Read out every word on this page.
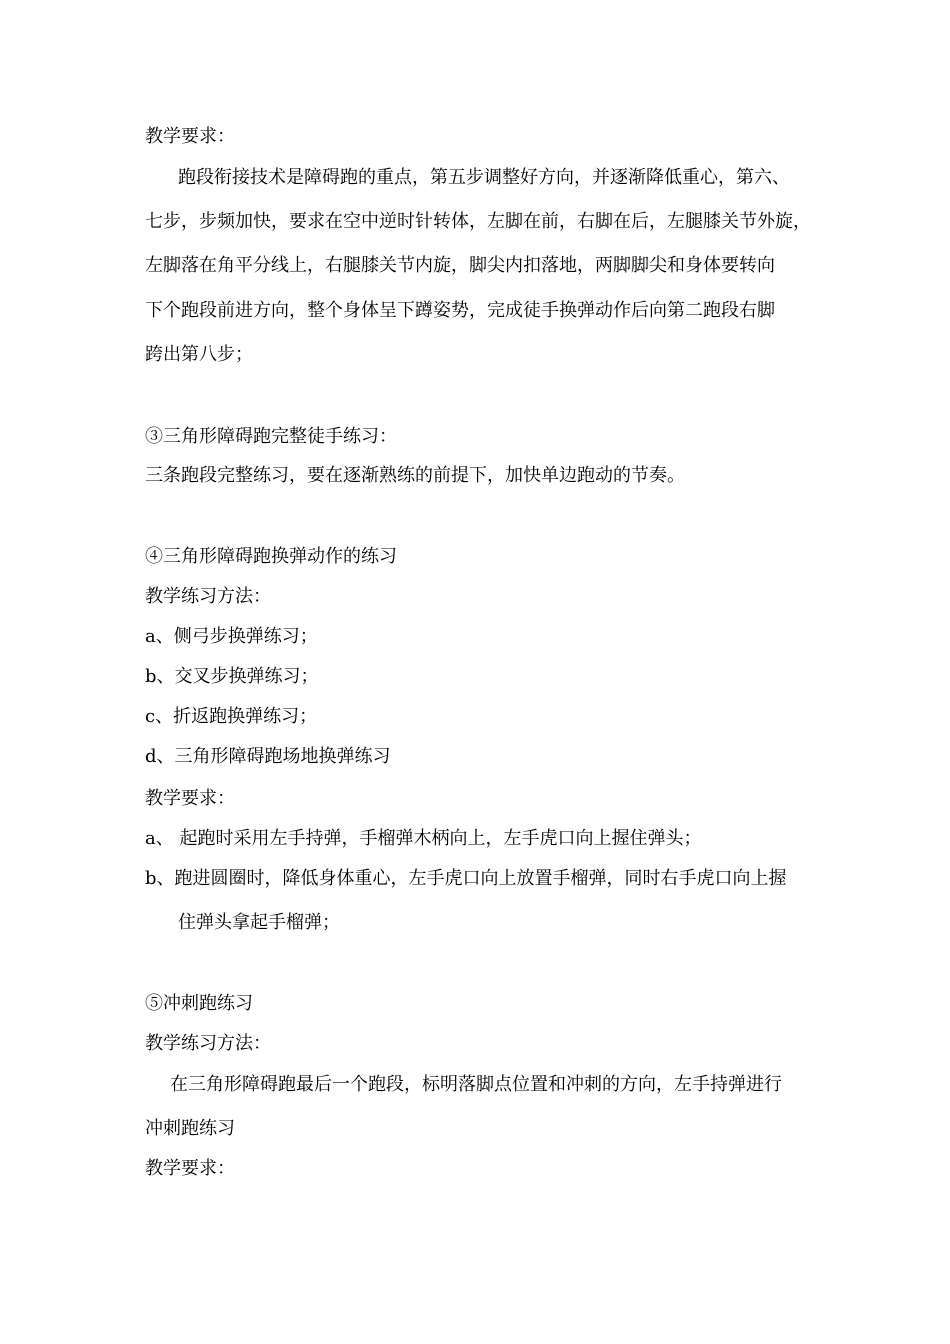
教学要求：
跑段衔接技术是障碍跑的重点，第五步调整好方向，并逐渐降低重心，第六、
七步，步频加快，要求在空中逆时针转体，左脚在前，右脚在后，左腿膝关节外旋，
左脚落在角平分线上，右腿膝关节内旋，脚尖内扣落地，两脚脚尖和身体要转向
下个跑段前进方向，整个身体呈下蹲姿势，完成徒手换弹动作后向第二跑段右脚
跨出第八步；
③三角形障碍跑完整徒手练习：
三条跑段完整练习，要在逐渐熟练的前提下，加快单边跑动的节奏。
④三角形障碍跑换弹动作的练习
教学练习方法：
a、侧弓步换弹练习；
b、交叉步换弹练习；
c、折返跑换弹练习；
d、三角形障碍跑场地换弹练习
教学要求：
a、 起跑时采用左手持弹，手榴弹木柄向上，左手虎口向上握住弹头；
b、跑进圆圈时，降低身体重心，左手虎口向上放置手榴弹，同时右手虎口向上握
住弹头拿起手榴弹；
⑤冲刺跑练习
教学练习方法：
在三角形障碍跑最后一个跑段，标明落脚点位置和冲刺的方向，左手持弹进行
冲刺跑练习
教学要求：
